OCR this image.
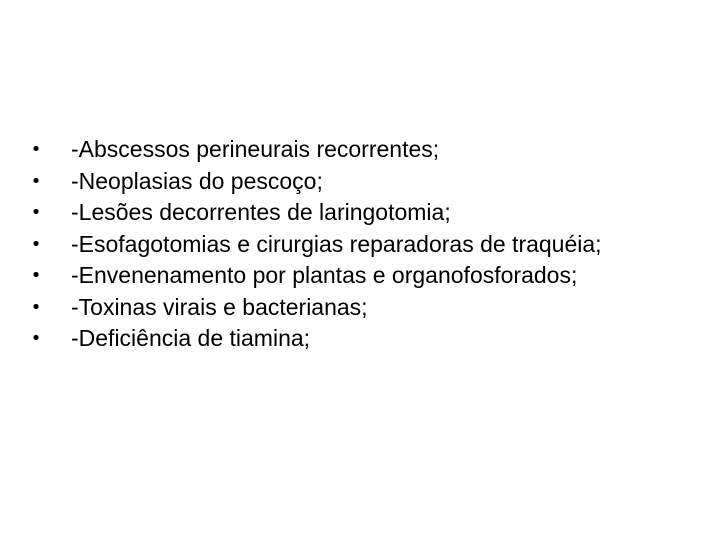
• -Abscessos perineurais recorrentes;
• -Neoplasias do pescoço;
• -Lesões decorrentes de laringotomia;
• -Esofagotomias e cirurgias reparadoras de traquéia;
• -Envenenamento por plantas e organofosforados;
• -Toxinas virais e bacterianas;
• -Deficiência de tiamina;
